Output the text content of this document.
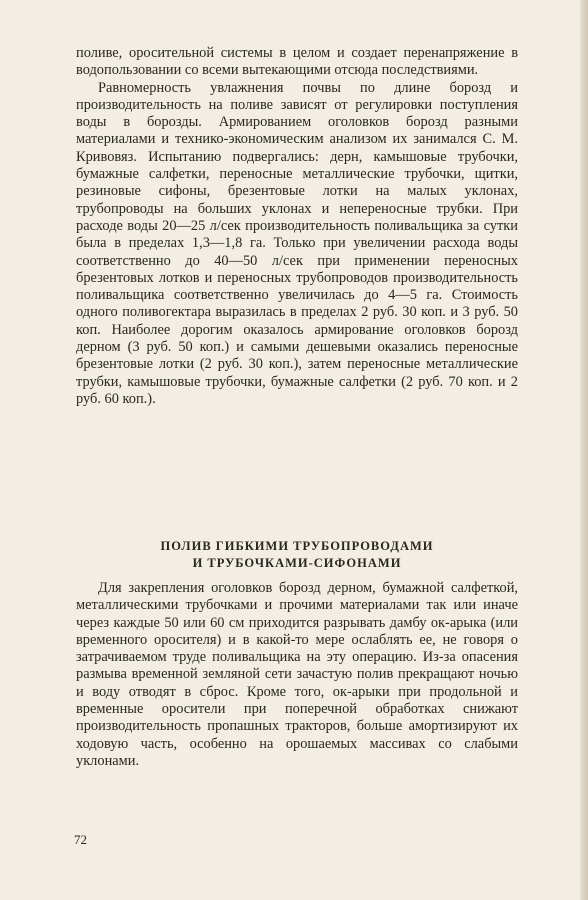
поливе, оросительной системы в целом и создает перенапряжение в водопользовании со всеми вытекающими отсюда последствиями.

Равномерность увлажнения почвы по длине борозд и производительность на поливе зависят от регулировки поступления воды в борозды. Армированием оголовков борозд разными материалами и технико-экономическим анализом их занимался С. М. Кривовяз. Испытанию подвергались: дерн, камышовые трубочки, бумажные салфетки, переносные металлические трубочки, щитки, резиновые сифоны, брезентовые лотки на малых уклонах, трубопроводы на больших уклонах и непереносные трубки. При расходе воды 20—25 л/сек производительность поливальщика за сутки была в пределах 1,3—1,8 га. Только при увеличении расхода воды соответственно до 40—50 л/сек при применении переносных брезентовых лотков и переносных трубопроводов производительность поливальщика соответственно увеличилась до 4—5 га. Стоимость одного поливогектара выразилась в пределах 2 руб. 30 коп. и 3 руб. 50 коп. Наиболее дорогим оказалось армирование оголовков борозд дерном (3 руб. 50 коп.) и самыми дешевыми оказались переносные брезентовые лотки (2 руб. 30 коп.), затем переносные металлические трубки, камышовые трубочки, бумажные салфетки (2 руб. 70 коп. и 2 руб. 60 коп.).

ПОЛИВ ГИБКИМИ ТРУБОПРОВОДАМИ
И ТРУБОЧКАМИ-СИФОНАМИ

Для закрепления оголовков борозд дерном, бумажной салфеткой, металлическими трубочками и прочими материалами так или иначе через каждые 50 или 60 см приходится разрывать дамбу ок-арыка (или временного оросителя) и в какой-то мере ослаблять ее, не говоря о затрачиваемом труде поливальщика на эту операцию. Из-за опасения размыва временной земляной сети зачастую полив прекращают ночью и воду отводят в сброс. Кроме того, ок-арыки при продольной и временные оросители при поперечной обработках снижают производительность пропашных тракторов, больше амортизируют их ходовую часть, особенно на орошаемых массивах со слабыми уклонами.

72
